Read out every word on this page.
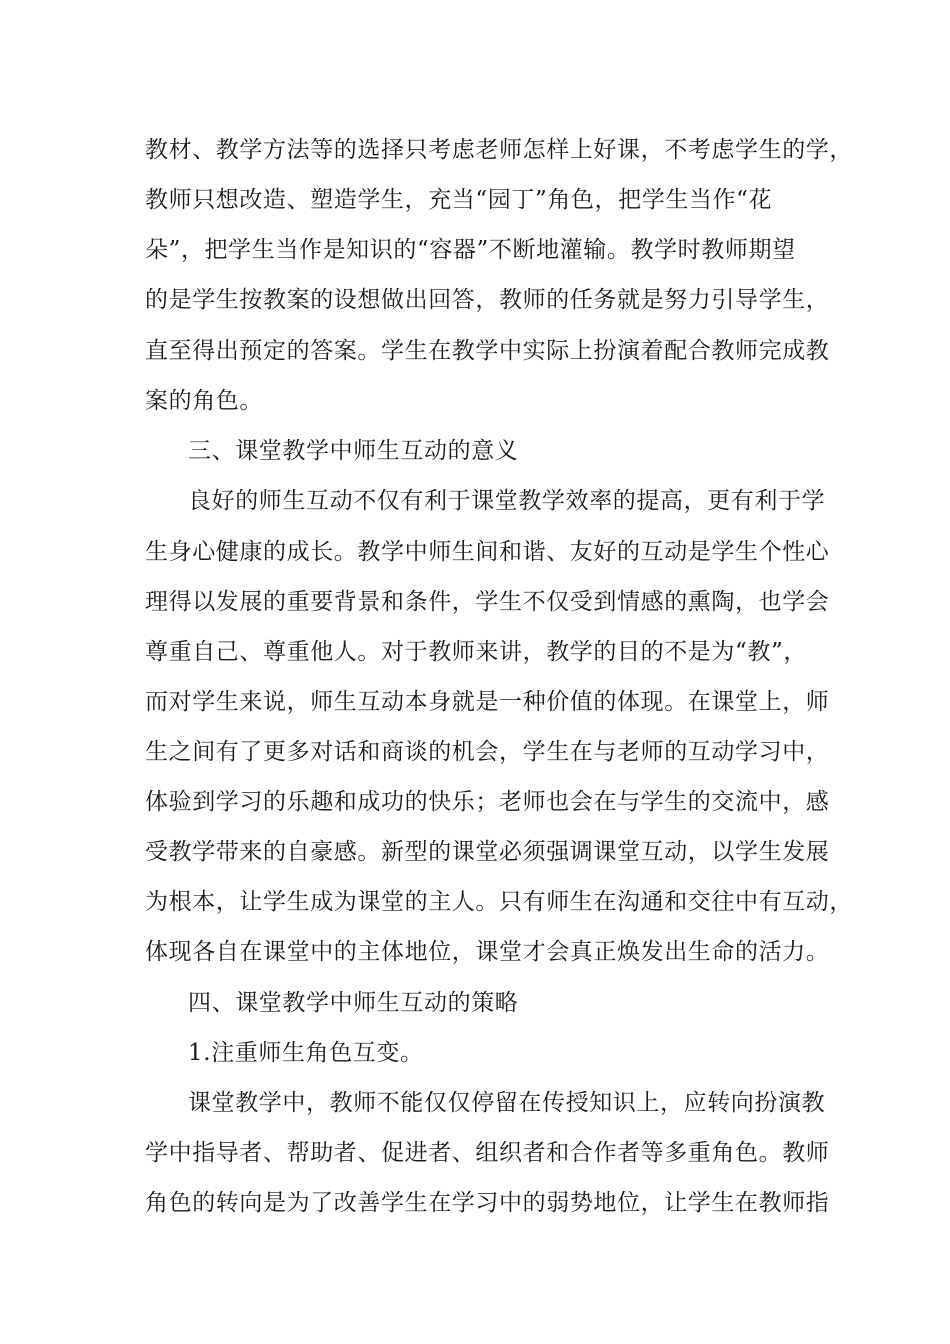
教材、教学方法等的选择只考虑老师怎样上好课，不考虑学生的学，
教师只想改造、塑造学生，充当“园丁”角色，把学生当作“花
朵”，把学生当作是知识的“容器”不断地灌输。教学时教师期望
的是学生按教案的设想做出回答，教师的任务就是努力引导学生，
直至得出预定的答案。学生在教学中实际上扮演着配合教师完成教
案的角色。
三、课堂教学中师生互动的意义
良好的师生互动不仅有利于课堂教学效率的提高，更有利于学
生身心健康的成长。教学中师生间和谐、友好的互动是学生个性心
理得以发展的重要背景和条件，学生不仅受到情感的熏陶，也学会
尊重自己、尊重他人。对于教师来讲，教学的目的不是为“教”，
而对学生来说，师生互动本身就是一种价值的体现。在课堂上，师
生之间有了更多对话和商谈的机会，学生在与老师的互动学习中，
体验到学习的乐趣和成功的快乐；老师也会在与学生的交流中，感
受教学带来的自豪感。新型的课堂必须强调课堂互动，以学生发展
为根本，让学生成为课堂的主人。只有师生在沟通和交往中有互动，
体现各自在课堂中的主体地位，课堂才会真正焕发出生命的活力。
四、课堂教学中师生互动的策略
1.注重师生角色互变。
课堂教学中，教师不能仅仅停留在传授知识上，应转向扮演教
学中指导者、帮助者、促进者、组织者和合作者等多重角色。教师
角色的转向是为了改善学生在学习中的弱势地位，让学生在教师指
